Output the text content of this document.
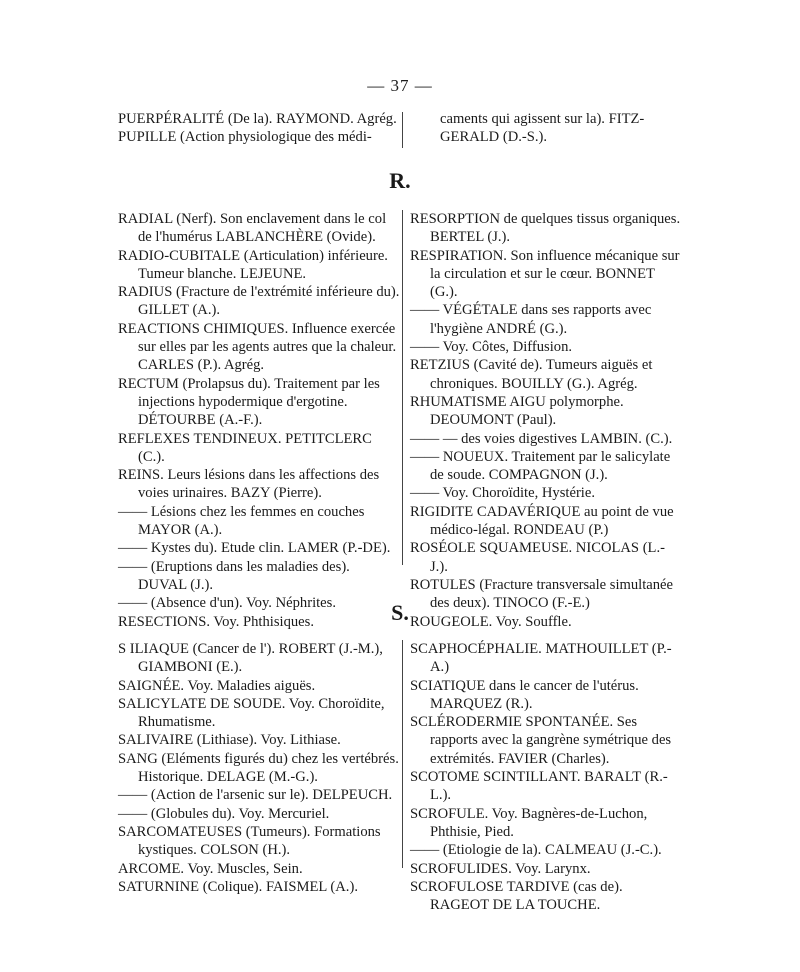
— 37 —

PUERPÉRALITÉ (De la). RAYMOND. Agrég.

PUPILLE (Action physiologique des médi-

caments qui agissent sur la). FITZ-

GERALD (D.-S.).

R.

RADIAL (Nerf). Son enclavement dans le col de l'humérus LABLANCHÈRE (Ovide).

RADIO-CUBITALE (Articulation) inférieure. Tumeur blanche. LEJEUNE.

RADIUS (Fracture de l'extrémité inférieure du). GILLET (A.).

REACTIONS CHIMIQUES. Influence exercée sur elles par les agents autres que la chaleur. CARLES (P.). Agrég.

RECTUM (Prolapsus du). Traitement par les injections hypodermique d'ergotine. DÉTOURBE (A.-F.).

REFLEXES TENDINEUX. PETITCLERC (C.).

REINS. Leurs lésions dans les affections des voies urinaires. BAZY (Pierre).

—— Lésions chez les femmes en couches MAYOR (A.).

—— Kystes du). Etude clin. LAMER (P.-DE).

—— (Eruptions dans les maladies des). DUVAL (J.).

—— (Absence d'un). Voy. Néphrites.

RESECTIONS. Voy. Phthisiques.

RESORPTION de quelques tissus organiques. BERTEL (J.).

RESPIRATION. Son influence mécanique sur la circulation et sur le cœur. BONNET (G.).

—— VÉGÉTALE dans ses rapports avec l'hygiène ANDRÉ (G.).

—— Voy. Côtes, Diffusion.

RETZIUS (Cavité de). Tumeurs aiguës et chroniques. BOUILLY (G.). Agrég.

RHUMATISME AIGU polymorphe. DEOUMONT (Paul).

—— — des voies digestives LAMBIN. (C.).

—— NOUEUX. Traitement par le salicylate de soude. COMPAGNON (J.).

—— Voy. Choroïdite, Hystérie.

RIGIDITE CADAVÉRIQUE au point de vue médico-légal. RONDEAU (P.)

ROSÉOLE SQUAMEUSE. NICOLAS (L.-J.).

ROTULES (Fracture transversale simultanée des deux). TINOCO (F.-E.)

ROUGEOLE. Voy. Souffle.

S.

S ILIAQUE (Cancer de l'). ROBERT (J.-M.), GIAMBONI (E.).

SAIGNÉE. Voy. Maladies aiguës.

SALICYLATE DE SOUDE. Voy. Choroïdite, Rhumatisme.

SALIVAIRE (Lithiase). Voy. Lithiase.

SANG (Eléments figurés du) chez les vertébrés. Historique. DELAGE (M.-G.).

—— (Action de l'arsenic sur le). DELPEUCH.

—— (Globules du). Voy. Mercuriel.

SARCOMATEUSES (Tumeurs). Formations kystiques. COLSON (H.).

ARCOME. Voy. Muscles, Sein.

SATURNINE (Colique). FAISMEL (A.).

SCAPHOCÉPHALIE. MATHOUILLET (P.-A.)

SCIATIQUE dans le cancer de l'utérus. MARQUEZ (R.).

SCLÉRODERMIE SPONTANÉE. Ses rapports avec la gangrène symétrique des extrémités. FAVIER (Charles).

SCOTOME SCINTILLANT. BARALT (R.-L.).

SCROFULE. Voy. Bagnères-de-Luchon, Phthisie, Pied.

—— (Etiologie de la). CALMEAU (J.-C.).

SCROFULIDES. Voy. Larynx.

SCROFULOSE TARDIVE (cas de). RAGEOT DE LA TOUCHE.
